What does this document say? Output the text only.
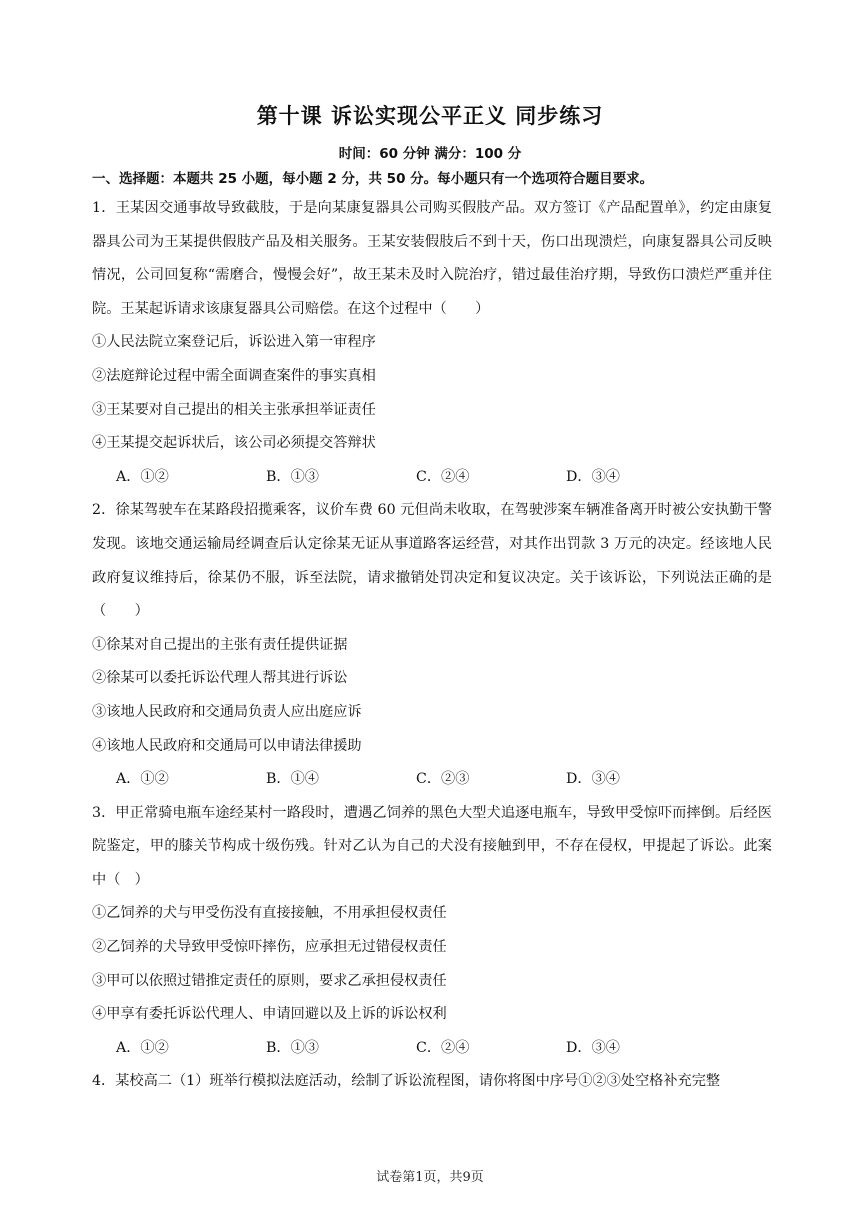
第十课 诉讼实现公平正义 同步练习
时间：60 分钟 满分：100 分
一、选择题：本题共 25 小题，每小题 2 分，共 50 分。每小题只有一个选项符合题目要求。
1．王某因交通事故导致截肢，于是向某康复器具公司购买假肢产品。双方签订《产品配置单》，约定由康复器具公司为王某提供假肢产品及相关服务。王某安装假肢后不到十天，伤口出现溃烂，向康复器具公司反映情况，公司回复称“需磨合，慢慢会好”，故王某未及时入院治疗，错过最佳治疗期，导致伤口溃烂严重并住院。王某起诉请求该康复器具公司赔偿。在这个过程中（　　）
①人民法院立案登记后，诉讼进入第一审程序
②法庭辩论过程中需全面调查案件的事实真相
③王某要对自己提出的相关主张承担举证责任
④王某提交起诉状后，该公司必须提交答辩状
A．①②	B．①③	C．②④	D．③④
2．徐某驾驶车在某路段招揽乘客，议价车费 60 元但尚未收取，在驾驶涉案车辆准备离开时被公安执勤干警发现。该地交通运输局经调查后认定徐某无证从事道路客运经营，对其作出罚款 3 万元的决定。经该地人民政府复议维持后，徐某仍不服，诉至法院，请求撤销处罚决定和复议决定。关于该诉讼，下列说法正确的是（　　）
①徐某对自己提出的主张有责任提供证据
②徐某可以委托诉讼代理人帮其进行诉讼
③该地人民政府和交通局负责人应出庭应诉
④该地人民政府和交通局可以申请法律援助
A．①②	B．①④	C．②③	D．③④
3．甲正常骑电瓶车途经某村一路段时，遭遇乙饲养的黑色大型犬追逐电瓶车，导致甲受惊吓而摔倒。后经医院鉴定，甲的膝关节构成十级伤残。针对乙认为自己的犬没有接触到甲，不存在侵权，甲提起了诉讼。此案中（　）
①乙饲养的犬与甲受伤没有直接接触，不用承担侵权责任
②乙饲养的犬导致甲受惊吓摔伤，应承担无过错侵权责任
③甲可以依照过错推定责任的原则，要求乙承担侵权责任
④甲享有委托诉讼代理人、申请回避以及上诉的诉讼权利
A．①②	B．①③	C．②④	D．③④
4．某校高二（1）班举行模拟法庭活动，绘制了诉讼流程图，请你将图中序号①②③处空格补充完整
试卷第1页，共9页
